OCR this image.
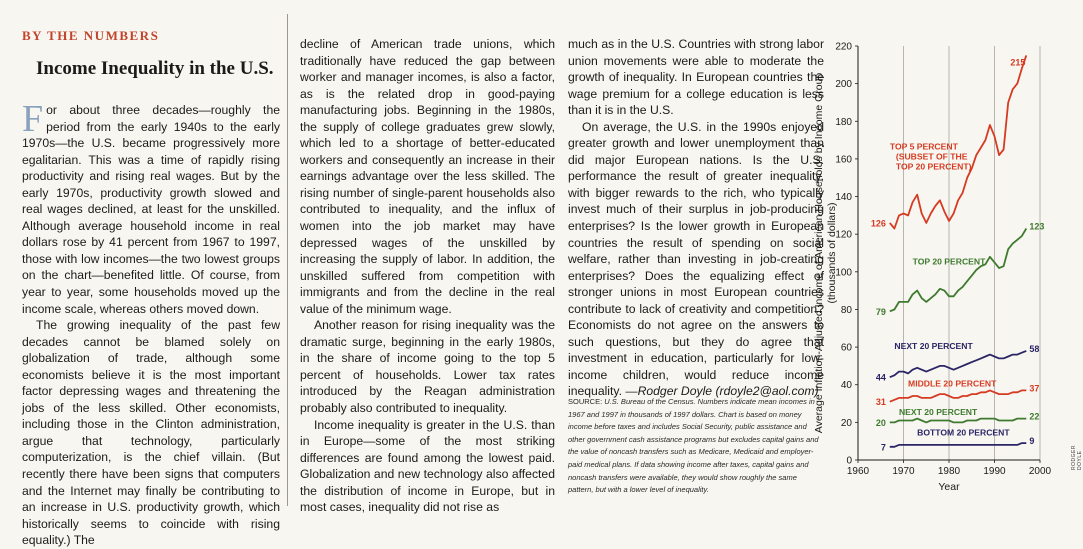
BY THE NUMBERS
Income Inequality in the U.S.

For about three decades—roughly the period from the early 1940s to the early 1970s—the U.S. became progressively more egalitarian. This was a time of rapidly rising productivity and rising real wages. But by the early 1970s, productivity growth slowed and real wages declined, at least for the unskilled. Although average household income in real dollars rose by 41 percent from 1967 to 1997, those with low incomes—the two lowest groups on the chart—benefited little. Of course, from year to year, some households moved up the income scale, whereas others moved down.

The growing inequality of the past few decades cannot be blamed solely on globalization of trade, although some economists believe it is the most important factor depressing wages and threatening the jobs of the less skilled. Other economists, including those in the Clinton administration, argue that technology, particularly computerization, is the chief villain. (But recently there have been signs that computers and the Internet may finally be contributing to an increase in U.S. productivity growth, which historically seems to coincide with rising equality.) The

decline of American trade unions, which traditionally have reduced the gap between worker and manager incomes, is also a factor, as is the related drop in good-paying manufacturing jobs. Beginning in the 1980s, the supply of college graduates grew slowly, which led to a shortage of better-educated workers and consequently an increase in their earnings advantage over the less skilled. The rising number of single-parent households also contributed to inequality, and the influx of women into the job market may have depressed wages of the unskilled by increasing the supply of labor. In addition, the unskilled suffered from competition with immigrants and from the decline in the real value of the minimum wage.

Another reason for rising inequality was the dramatic surge, beginning in the early 1980s, in the share of income going to the top 5 percent of households. Lower tax rates introduced by the Reagan administration probably also contributed to inequality.

Income inequality is greater in the U.S. than in Europe—some of the most striking differences are found among the lowest paid. Globalization and new technology also affected the distribution of income in Europe, but in most cases, inequality did not rise as

much as in the U.S. Countries with strong labor union movements were able to moderate the growth of inequality. In European countries the wage premium for a college education is less than it is in the U.S.

On average, the U.S. in the 1990s enjoyed greater growth and lower unemployment than did major European nations. Is the U.S. performance the result of greater inequality, with bigger rewards to the rich, who typically invest much of their surplus in job-producing enterprises? Is the lower growth in European countries the result of spending on social welfare, rather than investing in job-creating enterprises? Does the equalizing effect of stronger unions in most European countries contribute to lack of creativity and competition? Economists do not agree on the answers to such questions, but they do agree that investment in education, particularly for low-income children, would reduce income inequality. —Rodger Doyle (rdoyle2@aol.com)

SOURCE: U.S. Bureau of the Census. Numbers indicate mean incomes in 1967 and 1997 in thousands of 1997 dollars. Chart is based on money income before taxes and includes Social Security, public assistance and other government cash assistance programs but excludes capital gains and the value of noncash transfers such as Medicare, Medicaid and employer-paid medical plans. If data showing income after taxes, capital gains and noncash transfers were available, they would show roughly the same pattern, but with a lower level of inequality.
0
20
40
60
80
100
120
140
160
180
200
220
1960 1970 1980 1990 2000
126
215
79
123
44
58
31
37
20
22
7
9
TOP 5 PERCENT (SUBSET OF THE TOP 20 PERCENT)
TOP 20 PERCENT
NEXT 20 PERCENT
MIDDLE 20 PERCENT
NEXT 20 PERCENT
BOTTOM 20 PERCENT
Average Inflation-Adjusted Income of American Households by Income Group (thousands of dollars)
Year
RODGER DOYLE
